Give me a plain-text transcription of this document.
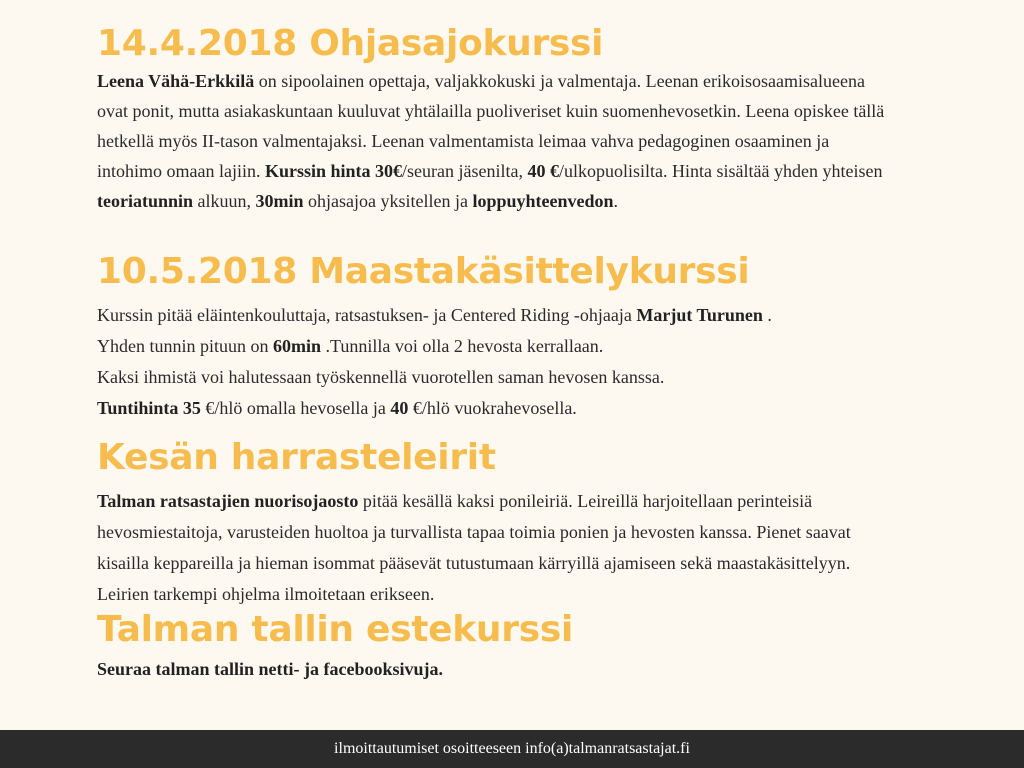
14.4.2018 Ohjasajokurssi

Leena Vähä-Erkkilä on sipoolainen opettaja, valjakkokuski ja valmentaja. Leenan erikoisosaamisalueena ovat ponit, mutta asiakaskuntaan kuuluvat yhtälailla puoliveriset kuin suomenhevosetkin. Leena opiskee tällä hetkellä myös II-tason valmentajaksi. Leenan valmentamista leimaa vahva pedagoginen osaaminen ja intohimo omaan lajiin. Kurssin hinta 30€/seuran jäsenilta, 40 €/ulkopuolisilta. Hinta sisältää yhden yhteisen teoriatunnin alkuun, 30min ohjasajoa yksitellen ja loppuyhteenvedon.

10.5.2018 Maastakäsittelykurssi

Kurssin pitää eläintenkouluttaja, ratsastuksen- ja Centered Riding -ohjaaja Marjut Turunen .

Yhden tunnin pituun on 60min .Tunnilla voi olla 2 hevosta kerrallaan.

Kaksi ihmistä voi halutessaan työskennellä vuorotellen saman hevosen kanssa.

Tuntihinta 35 €/hlö omalla hevosella ja 40 €/hlö vuokrahevosella.

Kesän harrasteleirit

Talman ratsastajien nuorisojaosto pitää kesällä kaksi ponileiriä. Leireillä harjoitellaan perinteisiä hevosmiestaitoja, varusteiden huoltoa ja turvallista tapaa toimia ponien ja hevosten kanssa. Pienet saavat kisailla keppareilla ja hieman isommat pääsevät tutustumaan kärryillä ajamiseen sekä maastakäsittelyyn. Leirien tarkempi ohjelma ilmoitetaan erikseen.

Talman tallin estekurssi

Seuraa talman tallin netti- ja facebooksivuja.

ilmoittautumiset osoitteeseen info(a)talmanratsastajat.fi
